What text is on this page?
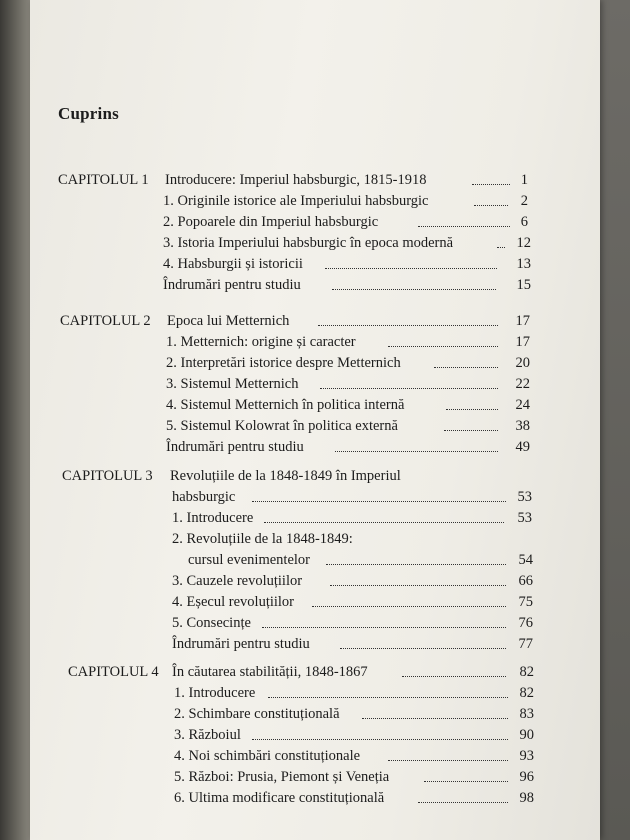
Cuprins
CAPITOLUL 1 Introducere: Imperiul habsburgic, 1815-1918	1
1. Originile istorice ale Imperiului habsburgic	2
2. Popoarele din Imperiul habsburgic	6
3. Istoria Imperiului habsburgic în epoca modernă	12
4. Habsburgii și istoricii	13
Îndrumări pentru studiu	15
CAPITOLUL 2 Epoca lui Metternich	17
1. Metternich: origine și caracter	17
2. Interpretări istorice despre Metternich	20
3. Sistemul Metternich	22
4. Sistemul Metternich în politica internă	24
5. Sistemul Kolowrat în politica externă	38
Îndrumări pentru studiu	49
CAPITOLUL 3 Revoluțiile de la 1848-1849 în Imperiul
habsburgic	53
1. Introducere	53
2. Revoluțiile de la 1848-1849:
cursul evenimentelor	54
3. Cauzele revoluțiilor	66
4. Eșecul revoluțiilor	75
5. Consecințe	76
Îndrumări pentru studiu	77
CAPITOLUL 4 În căutarea stabilității, 1848-1867	82
1. Introducere	82
2. Schimbare constituțională	83
3. Războiul	90
4. Noi schimbări constituționale	93
5. Război: Prusia, Piemont și Veneția	96
6. Ultima modificare constituțională	98
